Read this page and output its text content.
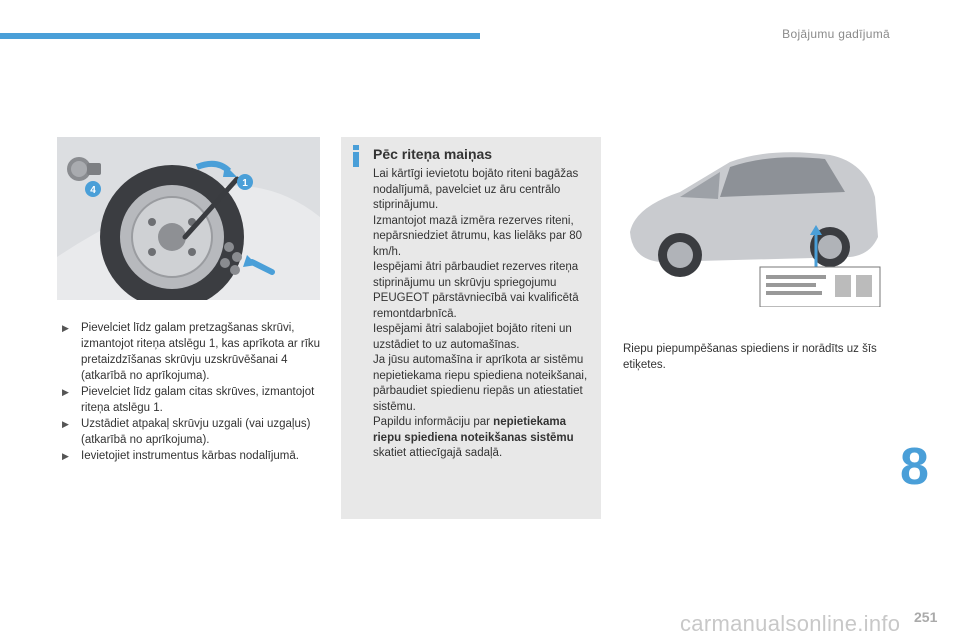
Bojājumu gadījumā
4
1
▶ Pievelciet līdz galam pretzagšanas skrūvi, izmantojot riteņa atslēgu 1, kas aprīkota ar rīku pretaizdzīšanas skrūvju uzskrūvēšanai 4 (atkarībā no aprīkojuma).
▶ Pievelciet līdz galam citas skrūves, izmantojot riteņa atslēgu 1.
▶ Uzstādiet atpakaļ skrūvju uzgali (vai uzgaļus) (atkarībā no aprīkojuma).
▶ Ievietojiet instrumentus kārbas nodalījumā.
Pēc riteņa maiņas

Lai kārtīgi ievietotu bojāto riteni bagāžas nodalījumā, pavelciet uz āru centrālo stiprinājumu.

Izmantojot mazā izmēra rezerves riteni, nepārsniedziet ātrumu, kas lielāks par 80 km/h.

Iespējami ātri pārbaudiet rezerves riteņa stiprinājumu un skrūvju spriegojumu PEUGEOT pārstāvniecībā vai kvalificētā remontdarbnīcā.

Iespējami ātri salabojiet bojāto riteni un uzstādiet to uz automašīnas.

Ja jūsu automašīna ir aprīkota ar sistēmu nepietiekama riepu spiediena noteikšanai, pārbaudiet spiedienu riepās un atiestatiet sistēmu.

Papildu informāciju par nepietiekama riepu spiediena noteikšanas sistēmu skatiet attiecīgajā sadaļā.

Riepu piepumpēšanas spiediens ir norādīts uz šīs etiķetes.
8
carmanualsonline.info 251
